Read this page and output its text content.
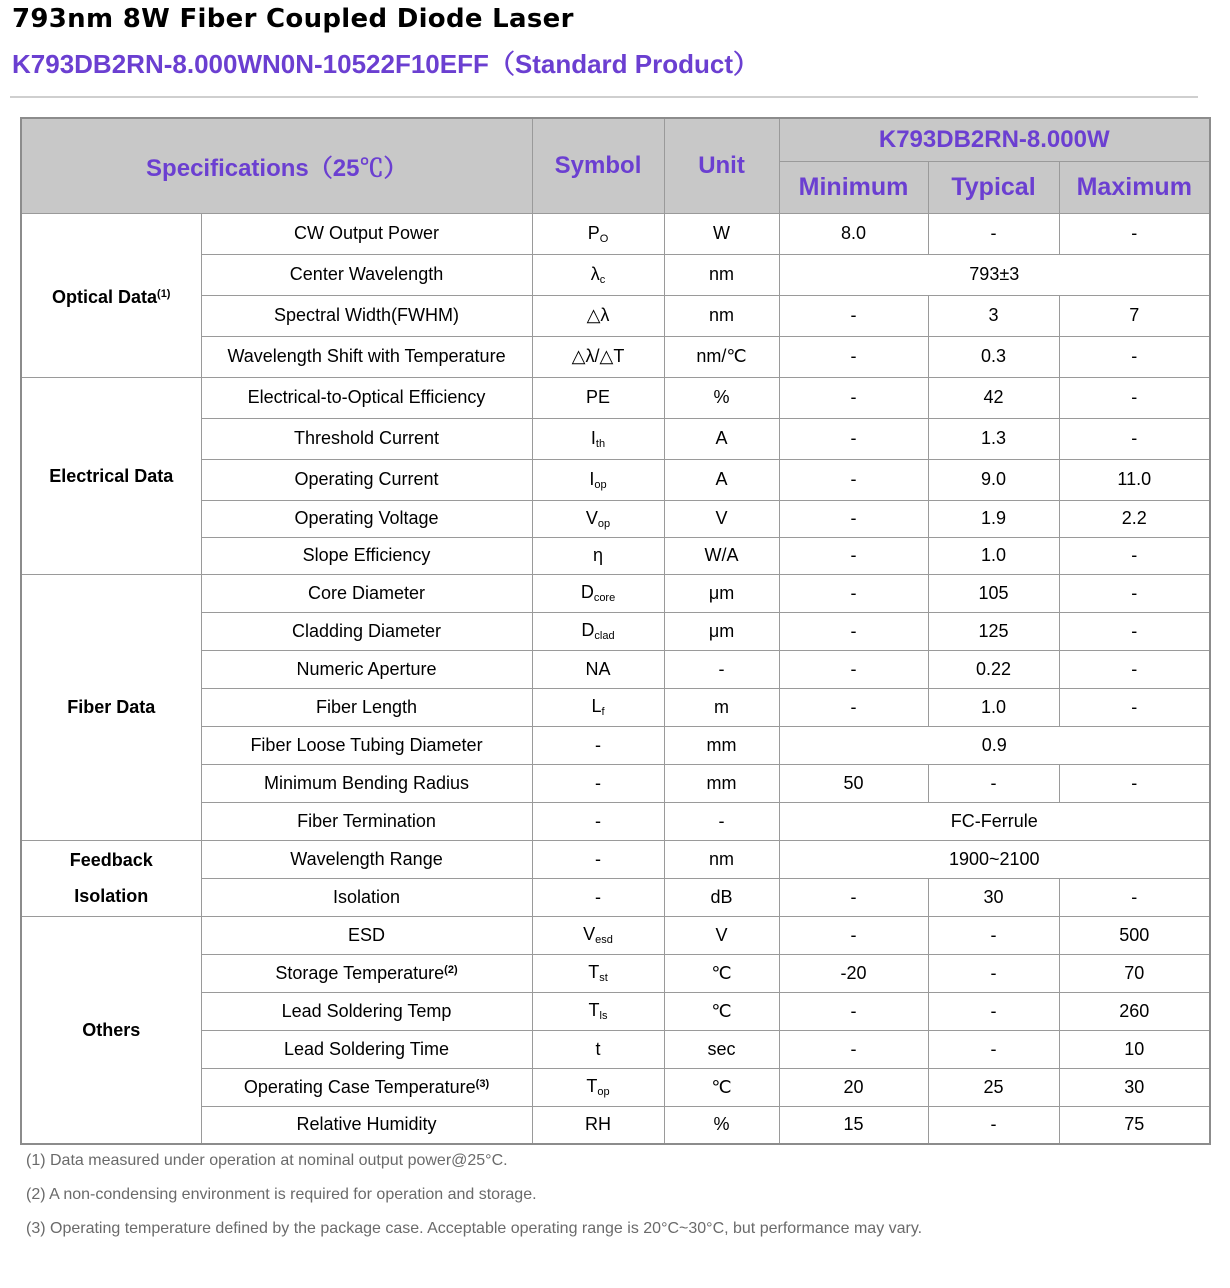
793nm 8W Fiber Coupled Diode Laser
K793DB2RN-8.000WN0N-10522F10EFF（Standard Product）
Specifications（25℃）		Symbol	Unit	K793DB2RN-8.000W		
				Minimum	Typical	Maximum
Optical Data$^{(1)}$	CW Output Power	$P_O$	W	8.0	-	-
	Center Wavelength	$\lambda_c$	nm	793±3		
	Spectral Width(FWHM)	△λ	nm	-	3	7
	Wavelength Shift with Temperature	△λ/△T	nm/℃	-	0.3	-
Electrical Data	Electrical-to-Optical Efficiency	PE	%	-	42	-
	Threshold Current	$I_{th}$	A	-	1.3	-
	Operating Current	$I_{op}$	A	-	9.0	11.0
	Operating Voltage	$V_{op}$	V	-	1.9	2.2
	Slope Efficiency	η	W/A	-	1.0	-
Fiber Data	Core Diameter	$D_{core}$	μm	-	105	-
	Cladding Diameter	$D_{clad}$	μm	-	125	-
	Numeric Aperture	NA	-	-	0.22	-
	Fiber Length	$L_f$	m	-	1.0	-
	Fiber Loose Tubing Diameter	-	mm	0.9		
	Minimum Bending Radius	-	mm	50	-	-
	Fiber Termination	-	-	FC-Ferrule		

Feedback
Isolation	Wavelength Range	-	nm	1900~2100		
	Isolation	-	dB	-	30	-
Others	ESD	$V_{esd}$	V	-	-	500
	Storage Temperature$^{(2)}$	$T_{st}$	℃	-20	-	70
	Lead Soldering Temp	$T_{ls}$	℃	-	-	260
	Lead Soldering Time	t	sec	-	-	10
	Operating Case Temperature$^{(3)}$	$T_{op}$	℃	20	25	30
	Relative Humidity	RH	%	15	-	75
(1) Data measured under operation at nominal output power@25°C.
(2) A non-condensing environment is required for operation and storage.
(3) Operating temperature defined by the package case. Acceptable operating range is 20°C~30°C, but performance may vary.
